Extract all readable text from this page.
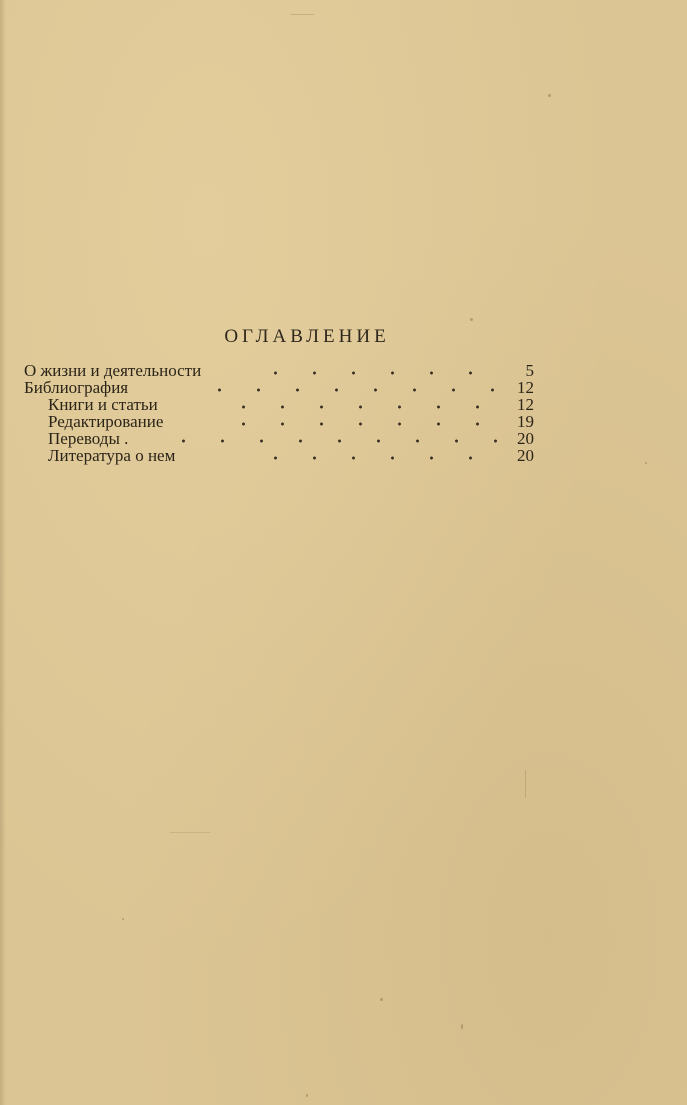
ОГЛАВЛЕНИЕ
О жизни и деятельности	5
Библиография	12
Книги и статьи	12
Редактирование	19
Переводы .	20
Литература о нем	20
